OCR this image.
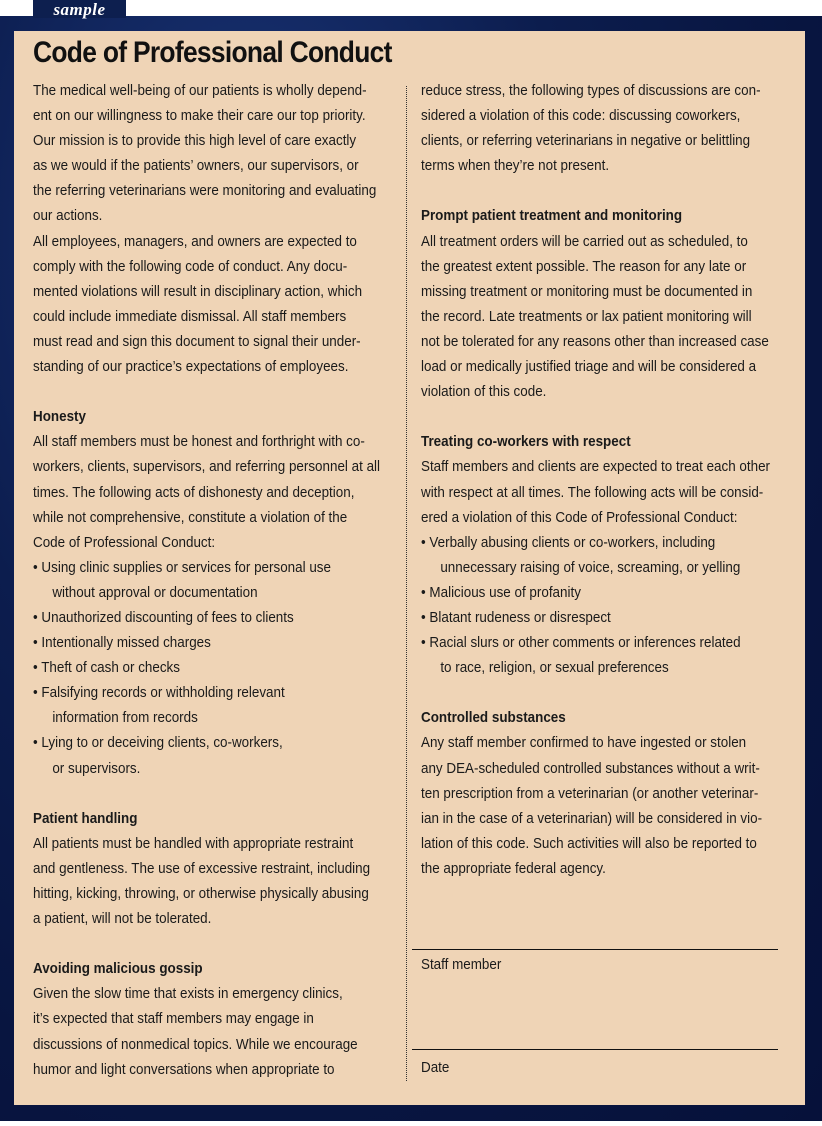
sample
Code of Professional Conduct

The medical well-being of our patients is wholly depend-

ent on our willingness to make their care our top priority.

Our mission is to provide this high level of care exactly

as we would if the patients’ owners, our supervisors, or

the referring veterinarians were monitoring and evaluating

our actions.

All employees, managers, and owners are expected to

comply with the following code of conduct. Any docu-

mented violations will result in disciplinary action, which

could include immediate dismissal. All staff members

must read and sign this document to signal their under-

standing of our practice’s expectations of employees.

Honesty

All staff members must be honest and forthright with co-

workers, clients, supervisors, and referring personnel at all

times. The following acts of dishonesty and deception,

while not comprehensive, constitute a violation of the

Code of Professional Conduct:

• Using clinic supplies or services for personal use

without approval or documentation

• Unauthorized discounting of fees to clients

• Intentionally missed charges

• Theft of cash or checks

• Falsifying records or withholding relevant

information from records

• Lying to or deceiving clients, co-workers,

or supervisors.

Patient handling

All patients must be handled with appropriate restraint

and gentleness. The use of excessive restraint, including

hitting, kicking, throwing, or otherwise physically abusing

a patient, will not be tolerated.

Avoiding malicious gossip

Given the slow time that exists in emergency clinics,

it’s expected that staff members may engage in

discussions of nonmedical topics. While we encourage

humor and light conversations when appropriate to

reduce stress, the following types of discussions are con-

sidered a violation of this code: discussing coworkers,

clients, or referring veterinarians in negative or belittling

terms when they’re not present.

Prompt patient treatment and monitoring

All treatment orders will be carried out as scheduled, to

the greatest extent possible. The reason for any late or

missing treatment or monitoring must be documented in

the record. Late treatments or lax patient monitoring will

not be tolerated for any reasons other than increased case

load or medically justified triage and will be considered a

violation of this code.

Treating co-workers with respect

Staff members and clients are expected to treat each other

with respect at all times. The following acts will be consid-

ered a violation of this Code of Professional Conduct:

• Verbally abusing clients or co-workers, including

unnecessary raising of voice, screaming, or yelling

• Malicious use of profanity

• Blatant rudeness or disrespect

• Racial slurs or other comments or inferences related

to race, religion, or sexual preferences

Controlled substances

Any staff member confirmed to have ingested or stolen

any DEA-scheduled controlled substances without a writ-

ten prescription from a veterinarian (or another veterinar-

ian in the case of a veterinarian) will be considered in vio-

lation of this code. Such activities will also be reported to

the appropriate federal agency.

Staff member
Date
